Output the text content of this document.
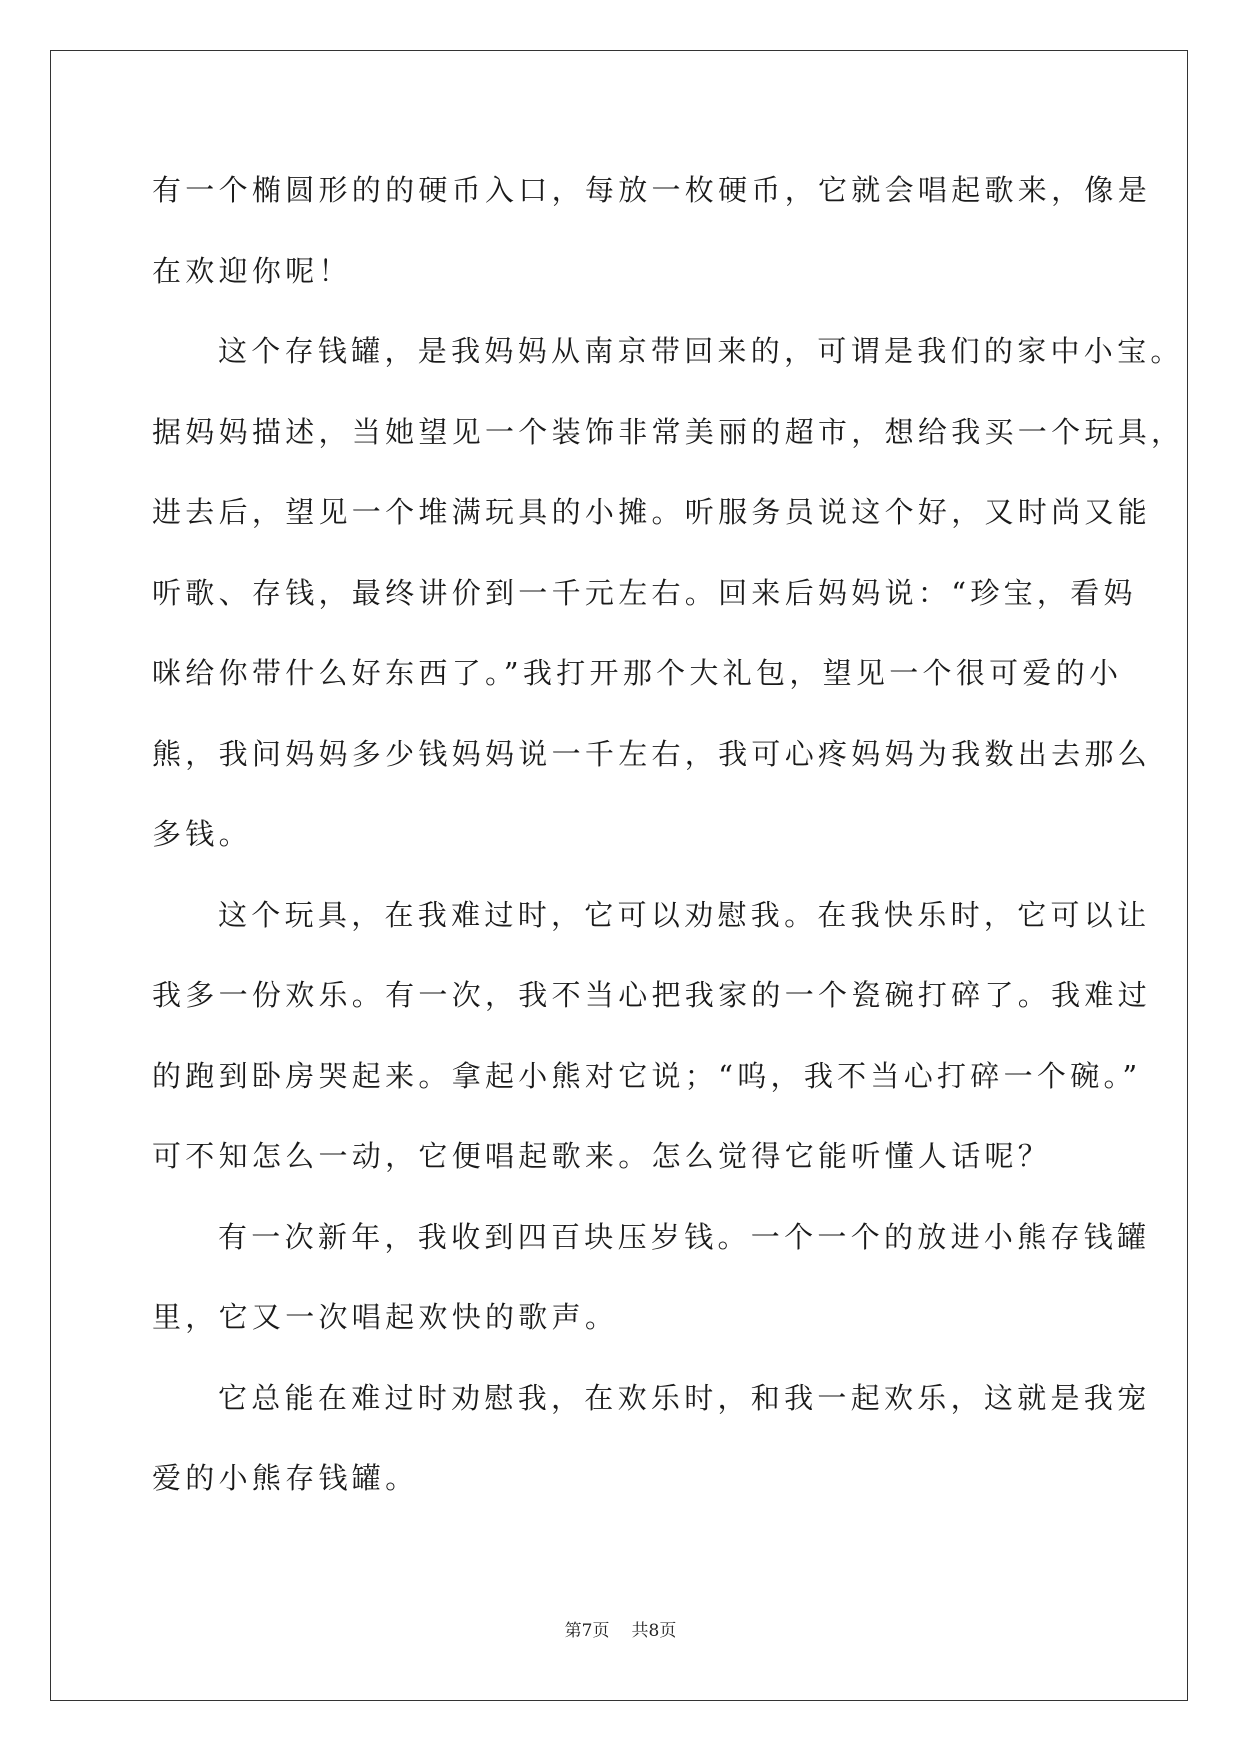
有一个椭圆形的的硬币入口，每放一枚硬币，它就会唱起歌来，像是
在欢迎你呢！
这个存钱罐，是我妈妈从南京带回来的，可谓是我们的家中小宝。
据妈妈描述，当她望见一个装饰非常美丽的超市，想给我买一个玩具，
进去后，望见一个堆满玩具的小摊。听服务员说这个好，又时尚又能
听歌、存钱，最终讲价到一千元左右。回来后妈妈说：“珍宝，看妈
咪给你带什么好东西了。”我打开那个大礼包，望见一个很可爱的小
熊，我问妈妈多少钱妈妈说一千左右，我可心疼妈妈为我数出去那么
多钱。
这个玩具，在我难过时，它可以劝慰我。在我快乐时，它可以让
我多一份欢乐。有一次，我不当心把我家的一个瓷碗打碎了。我难过
的跑到卧房哭起来。拿起小熊对它说；“呜，我不当心打碎一个碗。”
可不知怎么一动，它便唱起歌来。怎么觉得它能听懂人话呢？
有一次新年，我收到四百块压岁钱。一个一个的放进小熊存钱罐
里，它又一次唱起欢快的歌声。
它总能在难过时劝慰我，在欢乐时，和我一起欢乐，这就是我宠
爱的小熊存钱罐。
第7页 共8页
